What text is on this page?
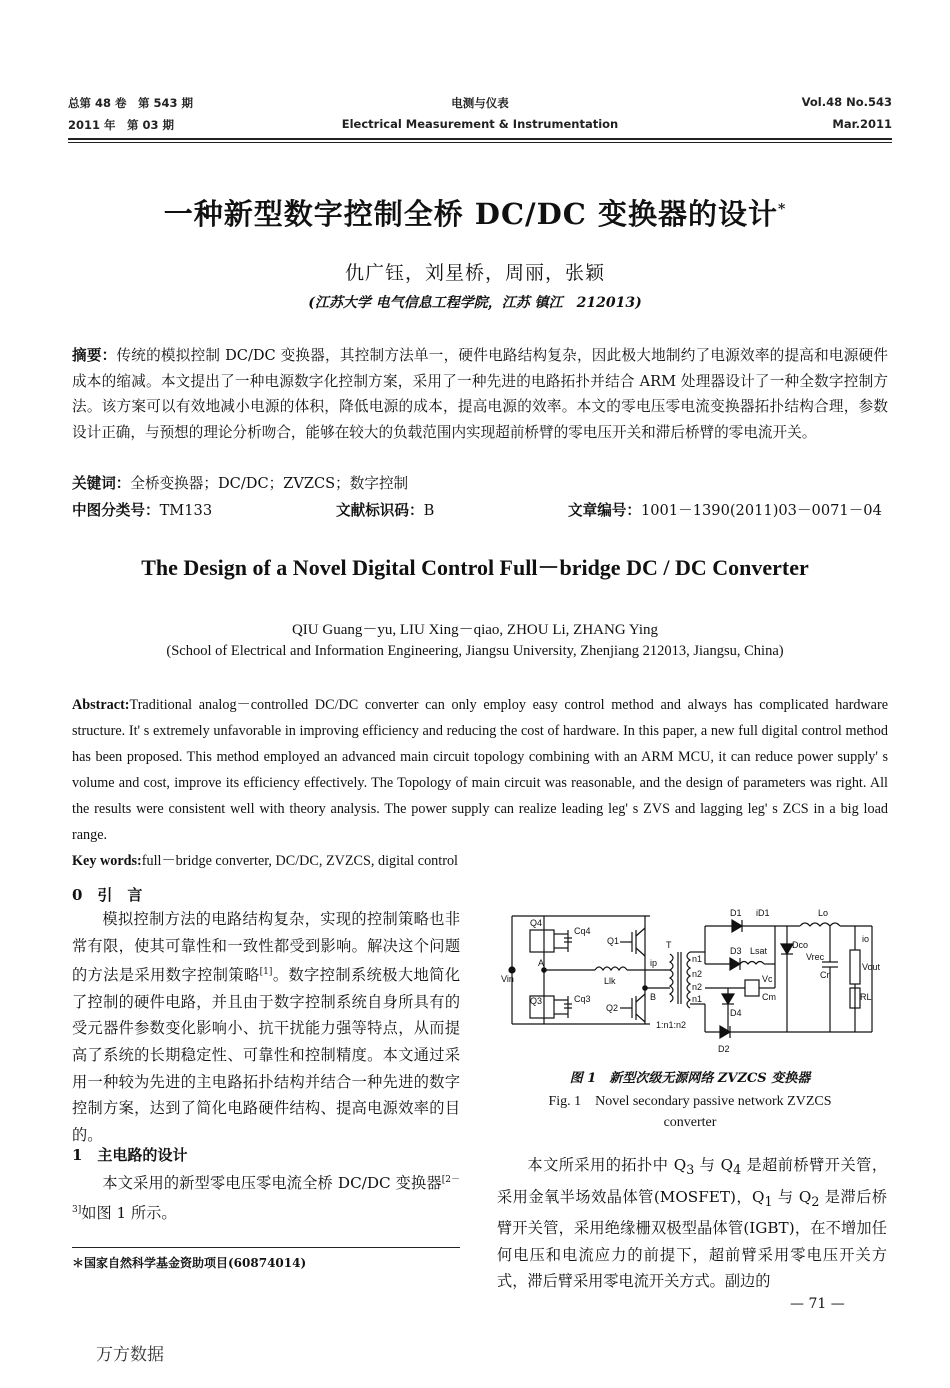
总第 48 卷　第 543 期
2011 年　第 03 期
电测与仪表
Electrical Measurement & Instrumentation
Vol.48 No.543
Mar.2011
一种新型数字控制全桥 DC/DC 变换器的设计*
仇广钰，刘星桥，周丽，张颖
(江苏大学 电气信息工程学院，江苏 镇江　212013)
摘要：传统的模拟控制 DC/DC 变换器，其控制方法单一，硬件电路结构复杂，因此极大地制约了电源效率的提高和电源硬件成本的缩减。本文提出了一种电源数字化控制方案，采用了一种先进的电路拓扑并结合 ARM 处理器设计了一种全数字控制方法。该方案可以有效地减小电源的体积，降低电源的成本，提高电源的效率。本文的零电压零电流变换器拓扑结构合理，参数设计正确，与预想的理论分析吻合，能够在较大的负载范围内实现超前桥臂的零电压开关和滞后桥臂的零电流开关。
关键词：全桥变换器；DC/DC；ZVZCS；数字控制
中图分类号：TM133	文献标识码：B	文章编号：1001－1390(2011)03－0071－04
The Design of a Novel Digital Control Full－bridge DC / DC Converter
QIU Guang－yu, LIU Xing－qiao, ZHOU Li, ZHANG Ying
(School of Electrical and Information Engineering, Jiangsu University, Zhenjiang 212013, Jiangsu, China)
Abstract:Traditional analog－controlled DC/DC converter can only employ easy control method and always has complicated hardware structure. It' s extremely unfavorable in improving efficiency and reducing the cost of hardware. In this paper, a new full digital control method has been proposed. This method employed an advanced main circuit topology combining with an ARM MCU, it can reduce power supply' s volume and cost, improve its efficiency effectively. The Topology of main circuit was reasonable, and the design of parameters was right. All the results were consistent well with theory analysis. The power supply can realize leading leg' s ZVS and lagging leg' s ZCS in a big load range.
Key words:full－bridge converter, DC/DC, ZVZCS, digital control
0　引　言
模拟控制方法的电路结构复杂，实现的控制策略也非常有限，使其可靠性和一致性都受到影响。解决这个问题的方法是采用数字控制策略[1]。数字控制系统极大地简化了控制的硬件电路，并且由于数字控制系统自身所具有的受元器件参数变化影响小、抗干扰能力强等特点，从而提高了系统的长期稳定性、可靠性和控制精度。本文通过采用一种较为先进的主电路拓扑结构并结合一种先进的数字控制方案，达到了简化电路硬件结构、提高电源效率的目的。
1　主电路的设计
本文采用的新型零电压零电流全桥 DC/DC 变换器[2－3]如图 1 所示。
＊国家自然科学基金资助项目(60874014)
Q4
Cq4
Q1
Q3	Cq3
Q2
Vin
A
B
T
Llk
ip	n1
n2
n2
n1
1:n1:n2
D1
D2
D3
D4
iD1	Lo
io
Lsat
Dco
Vrec
Cr
Vout
RL
Cm
Vc
图 1　新型次级无源网络 ZVZCS 变换器
Fig. 1　Novel secondary passive network ZVZCS
converter
本文所采用的拓扑中 $Q_3$ 与 $Q_4$ 是超前桥臂开关管，采用金氧半场效晶体管(MOSFET)，$Q_1$ 与 $Q_2$ 是滞后桥臂开关管，采用绝缘栅双极型晶体管(IGBT)，在不增加任何电压和电流应力的前提下，超前臂采用零电压开关方式，滞后臂采用零电流开关方式。副边的
— 71 —
万方数据
